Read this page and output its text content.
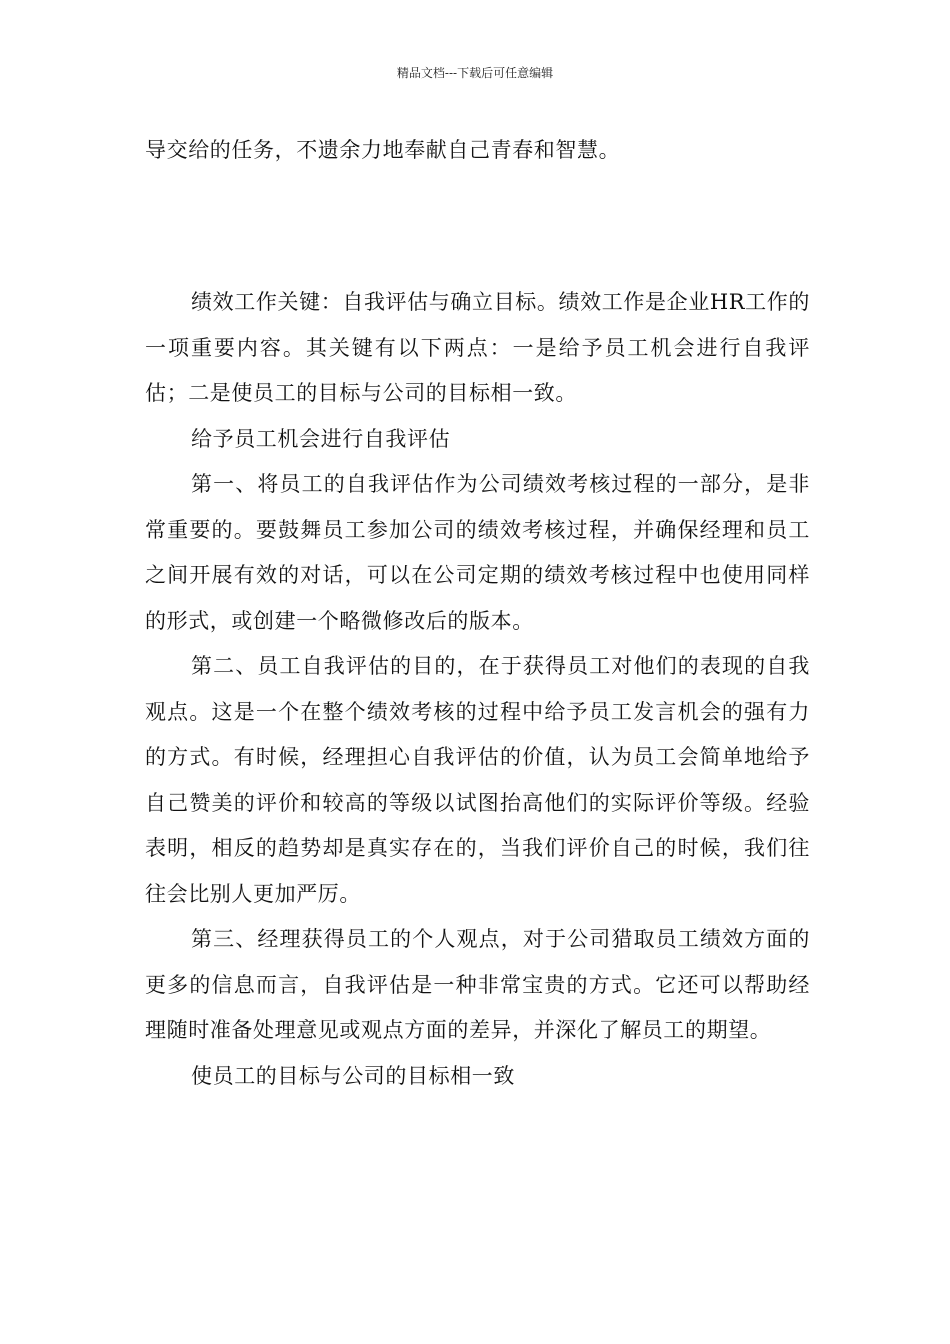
精品文档---下载后可任意编辑

导交给的任务，不遗余力地奉献自己青春和智慧。

绩效工作关键：自我评估与确立目标。绩效工作是企业HR工作的一项重要内容。其关键有以下两点：一是给予员工机会进行自我评估；二是使员工的目标与公司的目标相一致。

给予员工机会进行自我评估

第一、将员工的自我评估作为公司绩效考核过程的一部分，是非常重要的。要鼓舞员工参加公司的绩效考核过程，并确保经理和员工之间开展有效的对话，可以在公司定期的绩效考核过程中也使用同样的形式，或创建一个略微修改后的版本。

第二、员工自我评估的目的，在于获得员工对他们的表现的自我观点。这是一个在整个绩效考核的过程中给予员工发言机会的强有力的方式。有时候，经理担心自我评估的价值，认为员工会简单地给予自己赞美的评价和较高的等级以试图抬高他们的实际评价等级。经验表明，相反的趋势却是真实存在的，当我们评价自己的时候，我们往往会比别人更加严厉。

第三、经理获得员工的个人观点，对于公司猎取员工绩效方面的更多的信息而言，自我评估是一种非常宝贵的方式。它还可以帮助经理随时准备处理意见或观点方面的差异，并深化了解员工的期望。

使员工的目标与公司的目标相一致
